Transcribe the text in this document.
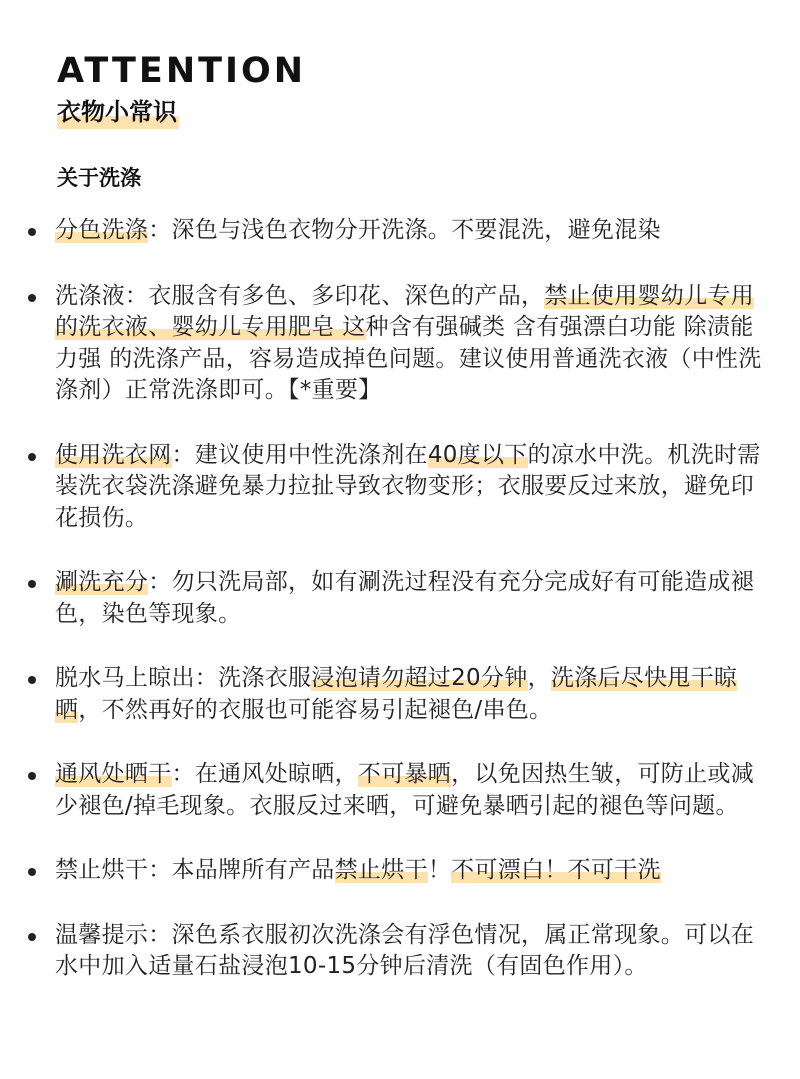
ATTENTION
衣物小常识
关于洗涤
分色洗涤：深色与浅色衣物分开洗涤。不要混洗，避免混染
洗涤液：衣服含有多色、多印花、深色的产品，禁止使用婴幼儿专用的洗衣液、婴幼儿专用肥皂 这种含有强碱类 含有强漂白功能 除渍能力强 的洗涤产品，容易造成掉色问题。建议使用普通洗衣液（中性洗涤剂）正常洗涤即可。【*重要】
使用洗衣网：建议使用中性洗涤剂在40度以下的凉水中洗。机洗时需装洗衣袋洗涤避免暴力拉扯导致衣物变形；衣服要反过来放，避免印花损伤。
涮洗充分：勿只洗局部，如有涮洗过程没有充分完成好有可能造成褪色，染色等现象。
脱水马上晾出：洗涤衣服浸泡请勿超过20分钟，洗涤后尽快甩干晾晒，不然再好的衣服也可能容易引起褪色/串色。
通风处晒干：在通风处晾晒，不可暴晒，以免因热生皱，可防止或减少褪色/掉毛现象。衣服反过来晒，可避免暴晒引起的褪色等问题。
禁止烘干：本品牌所有产品禁止烘干！不可漂白！不可干洗
温馨提示：深色系衣服初次洗涤会有浮色情况，属正常现象。可以在水中加入适量石盐浸泡10-15分钟后清洗（有固色作用）。
